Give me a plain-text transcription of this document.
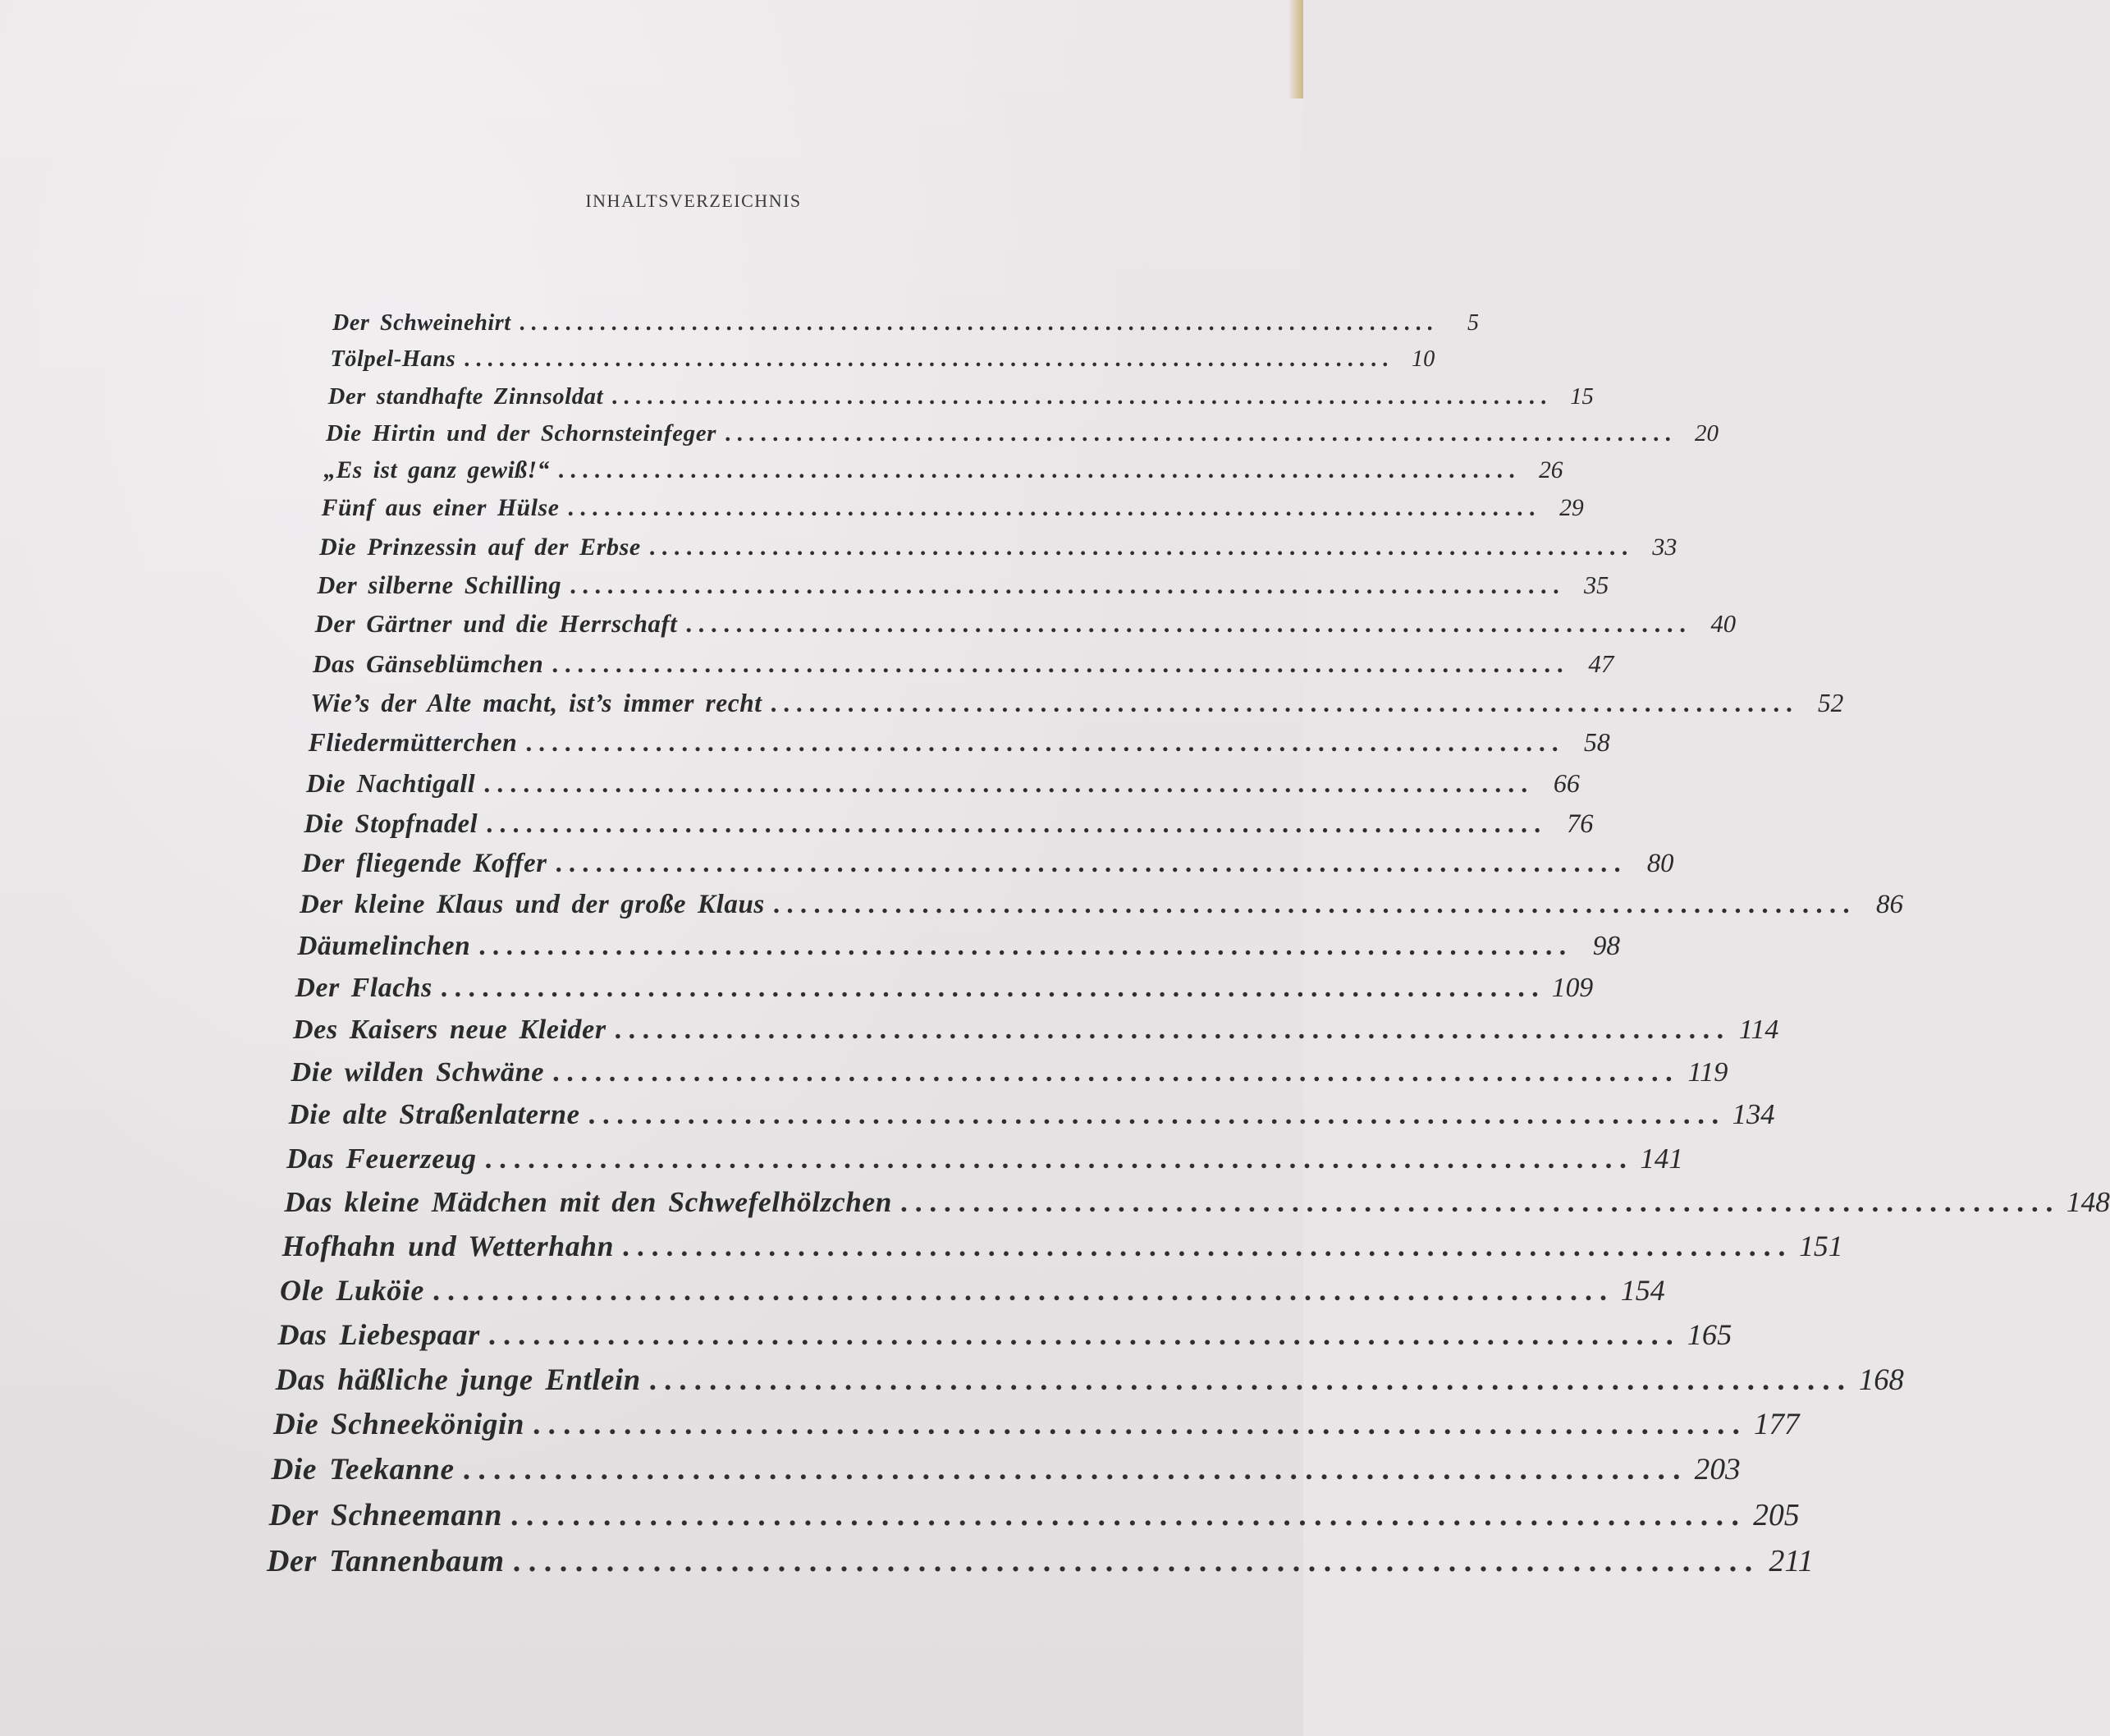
INHALTSVERZEICHNIS
Der Schweinehirt . . . . . . . . . . . . . . . . . . . . . . . . . . . . . . . . . . . . . . . . . . . . . . . . . . . . . . . . . . . . . . . . . . . . . . . . . . . . . . . .	5
Tölpel-Hans . . . . . . . . . . . . . . . . . . . . . . . . . . . . . . . . . . . . . . . . . . . . . . . . . . . . . . . . . . . . . . . . . . . . . . . . . . . . . . . .	10
Der standhafte Zinnsoldat . . . . . . . . . . . . . . . . . . . . . . . . . . . . . . . . . . . . . . . . . . . . . . . . . . . . . . . . . . . . . . . . . . . . . . . . . . . . . . . .	15
Die Hirtin und der Schornsteinfeger . . . . . . . . . . . . . . . . . . . . . . . . . . . . . . . . . . . . . . . . . . . . . . . . . . . . . . . . . . . . . . . . . . . . . . . . . . . . . . . .	20
„Es ist ganz gewiß!“ . . . . . . . . . . . . . . . . . . . . . . . . . . . . . . . . . . . . . . . . . . . . . . . . . . . . . . . . . . . . . . . . . . . . . . . . . . . . . . . .	26
Fünf aus einer Hülse . . . . . . . . . . . . . . . . . . . . . . . . . . . . . . . . . . . . . . . . . . . . . . . . . . . . . . . . . . . . . . . . . . . . . . . . . . . . . . . .	29
Die Prinzessin auf der Erbse . . . . . . . . . . . . . . . . . . . . . . . . . . . . . . . . . . . . . . . . . . . . . . . . . . . . . . . . . . . . . . . . . . . . . . . . . . . . . . . .	33
Der silberne Schilling . . . . . . . . . . . . . . . . . . . . . . . . . . . . . . . . . . . . . . . . . . . . . . . . . . . . . . . . . . . . . . . . . . . . . . . . . . . . . . . . 35
Der Gärtner und die Herrschaft . . . . . . . . . . . . . . . . . . . . . . . . . . . . . . . . . . . . . . . . . . . . . . . . . . . . . . . . . . . . . . . . . . . . . . . . . . . . . . . . 40
Das Gänseblümchen . . . . . . . . . . . . . . . . . . . . . . . . . . . . . . . . . . . . . . . . . . . . . . . . . . . . . . . . . . . . . . . . . . . . . . . . . . . . . . . . 47
Wie’s der Alte macht, ist’s immer recht . . . . . . . . . . . . . . . . . . . . . . . . . . . . . . . . . . . . . . . . . . . . . . . . . . . . . . . . . . . . . . . . . . . . . . . . . . . . . . . . 52
Fliedermütterchen . . . . . . . . . . . . . . . . . . . . . . . . . . . . . . . . . . . . . . . . . . . . . . . . . . . . . . . . . . . . . . . . . . . . . . . . . . . . . . . . 58
Die Nachtigall . . . . . . . . . . . . . . . . . . . . . . . . . . . . . . . . . . . . . . . . . . . . . . . . . . . . . . . . . . . . . . . . . . . . . . . . . . . . . . . . 66
Die Stopfnadel . . . . . . . . . . . . . . . . . . . . . . . . . . . . . . . . . . . . . . . . . . . . . . . . . . . . . . . . . . . . . . . . . . . . . . . . . . . . . . . . 76
Der fliegende Koffer . . . . . . . . . . . . . . . . . . . . . . . . . . . . . . . . . . . . . . . . . . . . . . . . . . . . . . . . . . . . . . . . . . . . . . . . . . . . . . . . 80
Der kleine Klaus und der große Klaus . . . . . . . . . . . . . . . . . . . . . . . . . . . . . . . . . . . . . . . . . . . . . . . . . . . . . . . . . . . . . . . . . . . . . . . . . . . . . . . . 86
Däumelinchen . . . . . . . . . . . . . . . . . . . . . . . . . . . . . . . . . . . . . . . . . . . . . . . . . . . . . . . . . . . . . . . . . . . . . . . . . . . . . . . . 98
Der Flachs . . . . . . . . . . . . . . . . . . . . . . . . . . . . . . . . . . . . . . . . . . . . . . . . . . . . . . . . . . . . . . . . . . . . . . . . . . . . . . . . 109
Des Kaisers neue Kleider . . . . . . . . . . . . . . . . . . . . . . . . . . . . . . . . . . . . . . . . . . . . . . . . . . . . . . . . . . . . . . . . . . . . . . . . . . . . . . . . 114
Die wilden Schwäne . . . . . . . . . . . . . . . . . . . . . . . . . . . . . . . . . . . . . . . . . . . . . . . . . . . . . . . . . . . . . . . . . . . . . . . . . . . . . . . . 119
Die alte Straßenlaterne . . . . . . . . . . . . . . . . . . . . . . . . . . . . . . . . . . . . . . . . . . . . . . . . . . . . . . . . . . . . . . . . . . . . . . . . . . . . . . . . 134
Das Feuerzeug . . . . . . . . . . . . . . . . . . . . . . . . . . . . . . . . . . . . . . . . . . . . . . . . . . . . . . . . . . . . . . . . . . . . . . . . . . . . . . . . 141
Das kleine Mädchen mit den Schwefelhölzchen . . . . . . . . . . . . . . . . . . . . . . . . . . . . . . . . . . . . . . . . . . . . . . . . . . . . . . . . . . . . . . . . . . . . . . . . . . . . . . . . 148
Hofhahn und Wetterhahn . . . . . . . . . . . . . . . . . . . . . . . . . . . . . . . . . . . . . . . . . . . . . . . . . . . . . . . . . . . . . . . . . . . . . . . . . . . . . . . . 151
Ole Luköie . . . . . . . . . . . . . . . . . . . . . . . . . . . . . . . . . . . . . . . . . . . . . . . . . . . . . . . . . . . . . . . . . . . . . . . . . . . . . . . . 154
Das Liebespaar . . . . . . . . . . . . . . . . . . . . . . . . . . . . . . . . . . . . . . . . . . . . . . . . . . . . . . . . . . . . . . . . . . . . . . . . . . . . . . . . 165
Das häßliche junge Entlein . . . . . . . . . . . . . . . . . . . . . . . . . . . . . . . . . . . . . . . . . . . . . . . . . . . . . . . . . . . . . . . . . . . . . . . . . . . . . . . . 168
Die Schneekönigin . . . . . . . . . . . . . . . . . . . . . . . . . . . . . . . . . . . . . . . . . . . . . . . . . . . . . . . . . . . . . . . . . . . . . . . . . . . . . . . . 177
Die Teekanne . . . . . . . . . . . . . . . . . . . . . . . . . . . . . . . . . . . . . . . . . . . . . . . . . . . . . . . . . . . . . . . . . . . . . . . . . . . . . . . . 203
Der Schneemann . . . . . . . . . . . . . . . . . . . . . . . . . . . . . . . . . . . . . . . . . . . . . . . . . . . . . . . . . . . . . . . . . . . . . . . . . . . . . . . . 205
Der Tannenbaum . . . . . . . . . . . . . . . . . . . . . . . . . . . . . . . . . . . . . . . . . . . . . . . . . . . . . . . . . . . . . . . . . . . . . . . . . . . . . . . . 211
